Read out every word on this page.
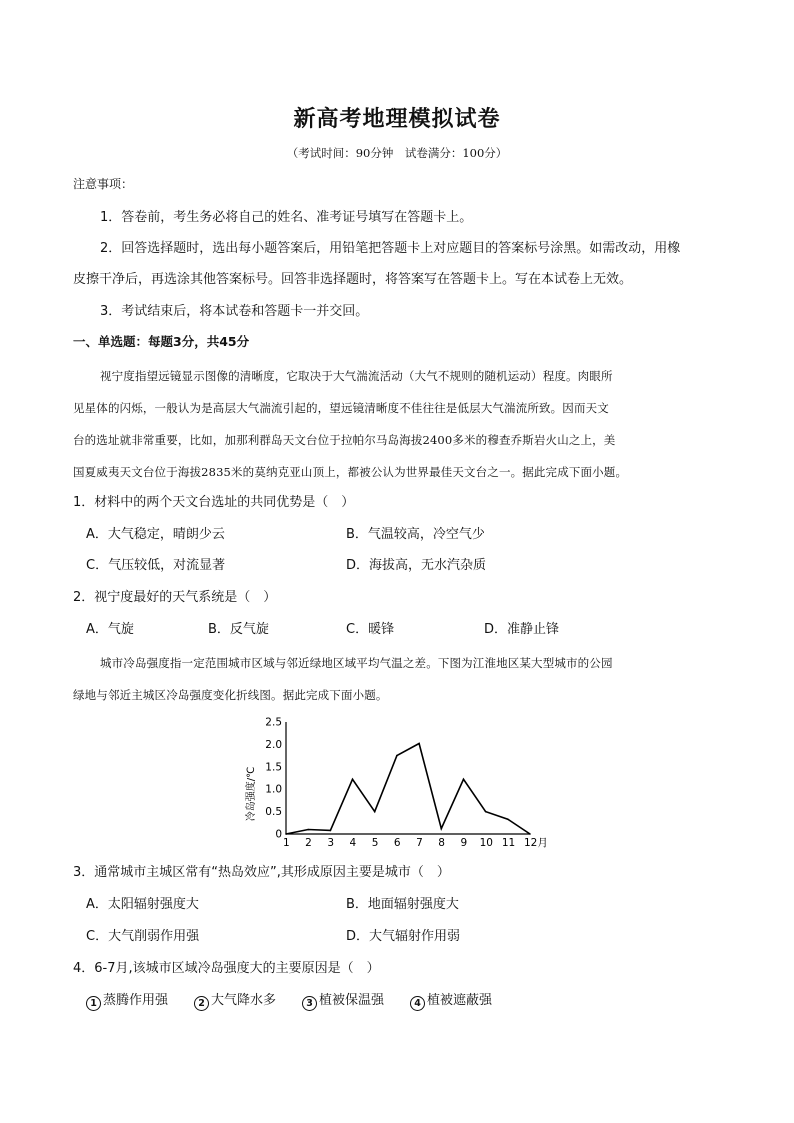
新高考地理模拟试卷
（考试时间：90分钟　试卷满分：100分）
注意事项：
1．答卷前，考生务必将自己的姓名、准考证号填写在答题卡上。
2．回答选择题时，选出每小题答案后，用铅笔把答题卡上对应题目的答案标号涂黑。如需改动，用橡
皮擦干净后，再选涂其他答案标号。回答非选择题时，将答案写在答题卡上。写在本试卷上无效。
3．考试结束后，将本试卷和答题卡一并交回。
一、单选题：每题3分，共45分
视宁度指望远镜显示图像的清晰度，它取决于大气湍流活动（大气不规则的随机运动）程度。肉眼所
见星体的闪烁，一般认为是高层大气湍流引起的，望远镜清晰度不佳往往是低层大气湍流所致。因而天文
台的选址就非常重要，比如，加那利群岛天文台位于拉帕尔马岛海拔2400多米的穆查乔斯岩火山之上，美
国夏威夷天文台位于海拔2835米的莫纳克亚山顶上，都被公认为世界最佳天文台之一。据此完成下面小题。
1．材料中的两个天文台选址的共同优势是（　）
A．大气稳定，晴朗少云	B．气温较高，冷空气少
C．气压较低，对流显著	D．海拔高，无水汽杂质
2．视宁度最好的天气系统是（　）
A．气旋	B．反气旋	C．暖锋	D．准静止锋
城市冷岛强度指一定范围城市区域与邻近绿地区域平均气温之差。下图为江淮地区某大型城市的公园
绿地与邻近主城区冷岛强度变化折线图。据此完成下面小题。
0
0.5
1.0
1.5
2.0
2.5
1 2 3 4 5 6 7 8 9 10 11 12月
冷岛强度/℃
3．通常城市主城区常有“热岛效应”,其形成原因主要是城市（　）
A．太阳辐射强度大	B．地面辐射强度大
C．大气削弱作用强	D．大气辐射作用弱
4．6-7月,该城市区域冷岛强度大的主要原因是（　）
1 蒸腾作用强	2 大气降水多	3 植被保温强	4 植被遮蔽强
